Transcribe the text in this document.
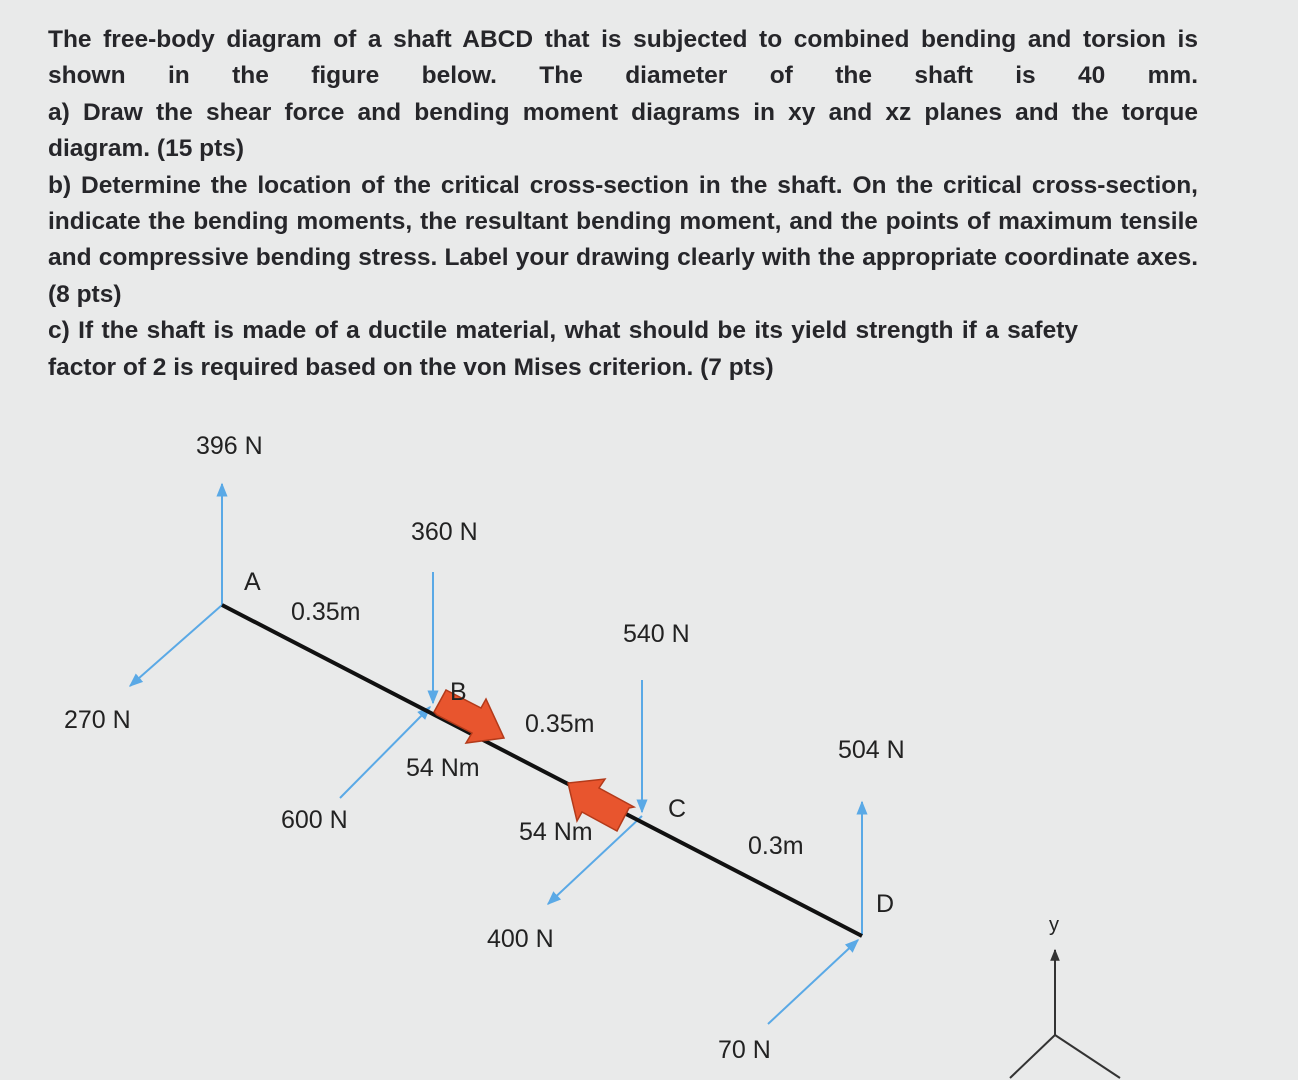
The free-body diagram of a shaft ABCD that is subjected to combined bending and torsion is shown in the figure below. The diameter of the shaft is 40 mm.

a) Draw the shear force and bending moment diagrams in xy and xz planes and the torque diagram. (15 pts)

b) Determine the location of the critical cross-section in the shaft. On the critical cross-section, indicate the bending moments, the resultant bending moment, and the points of maximum tensile and compressive bending stress. Label your drawing clearly with the appropriate coordinate axes. (8 pts)

c) If the shaft is made of a ductile material, what should be its yield strength if a safety factor of 2 is required based on the von Mises criterion. (7 pts)

396 N
A
0.35m
270 N
360 N
B
54 Nm
600 N
0.35m
540 N
C
54 Nm
400 N
504 N
0.3m
D
70 N
y
